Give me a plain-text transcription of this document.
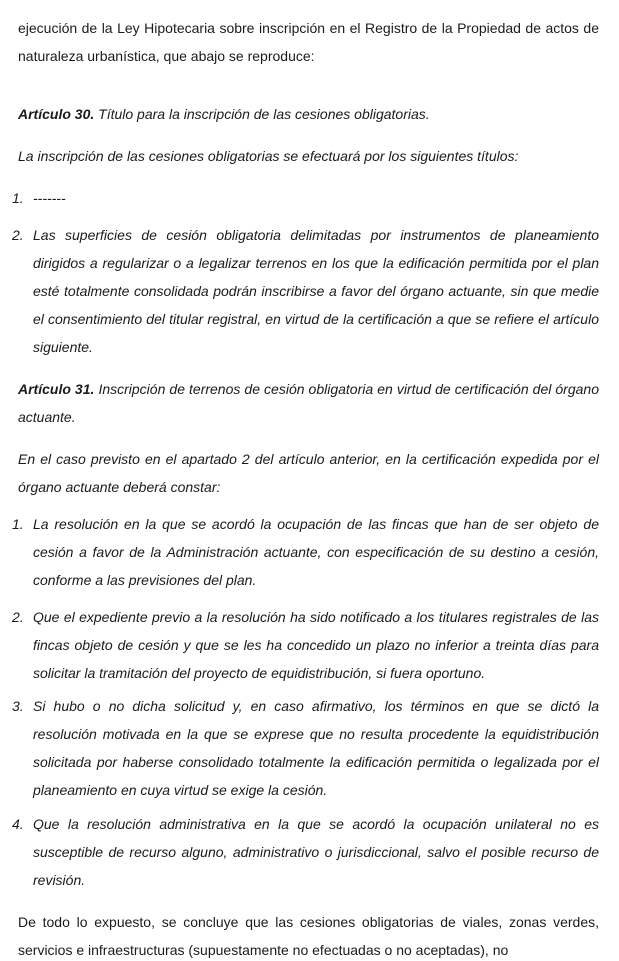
ejecución de la Ley Hipotecaria sobre inscripción en el Registro de la Propiedad de actos de naturaleza urbanística, que abajo se reproduce:

Artículo 30. Título para la inscripción de las cesiones obligatorias.

La inscripción de las cesiones obligatorias se efectuará por los siguientes títulos:

1. -------
2. Las superficies de cesión obligatoria delimitadas por instrumentos de planeamiento dirigidos a regularizar o a legalizar terrenos en los que la edificación permitida por el plan esté totalmente consolidada podrán inscribirse a favor del órgano actuante, sin que medie el consentimiento del titular registral, en virtud de la certificación a que se refiere el artículo siguiente.

Artículo 31. Inscripción de terrenos de cesión obligatoria en virtud de certificación del órgano actuante.

En el caso previsto en el apartado 2 del artículo anterior, en la certificación expedida por el órgano actuante deberá constar:

1. La resolución en la que se acordó la ocupación de las fincas que han de ser objeto de cesión a favor de la Administración actuante, con especificación de su destino a cesión, conforme a las previsiones del plan.
2. Que el expediente previo a la resolución ha sido notificado a los titulares registrales de las fincas objeto de cesión y que se les ha concedido un plazo no inferior a treinta días para solicitar la tramitación del proyecto de equidistribución, si fuera oportuno.
3. Si hubo o no dicha solicitud y, en caso afirmativo, los términos en que se dictó la resolución motivada en la que se exprese que no resulta procedente la equidistribución solicitada por haberse consolidado totalmente la edificación permitida o legalizada por el planeamiento en cuya virtud se exige la cesión.
4. Que la resolución administrativa en la que se acordó la ocupación unilateral no es susceptible de recurso alguno, administrativo o jurisdiccional, salvo el posible recurso de revisión.

De todo lo expuesto, se concluye que las cesiones obligatorias de viales, zonas verdes, servicios e infraestructuras (supuestamente no efectuadas o no aceptadas), no
